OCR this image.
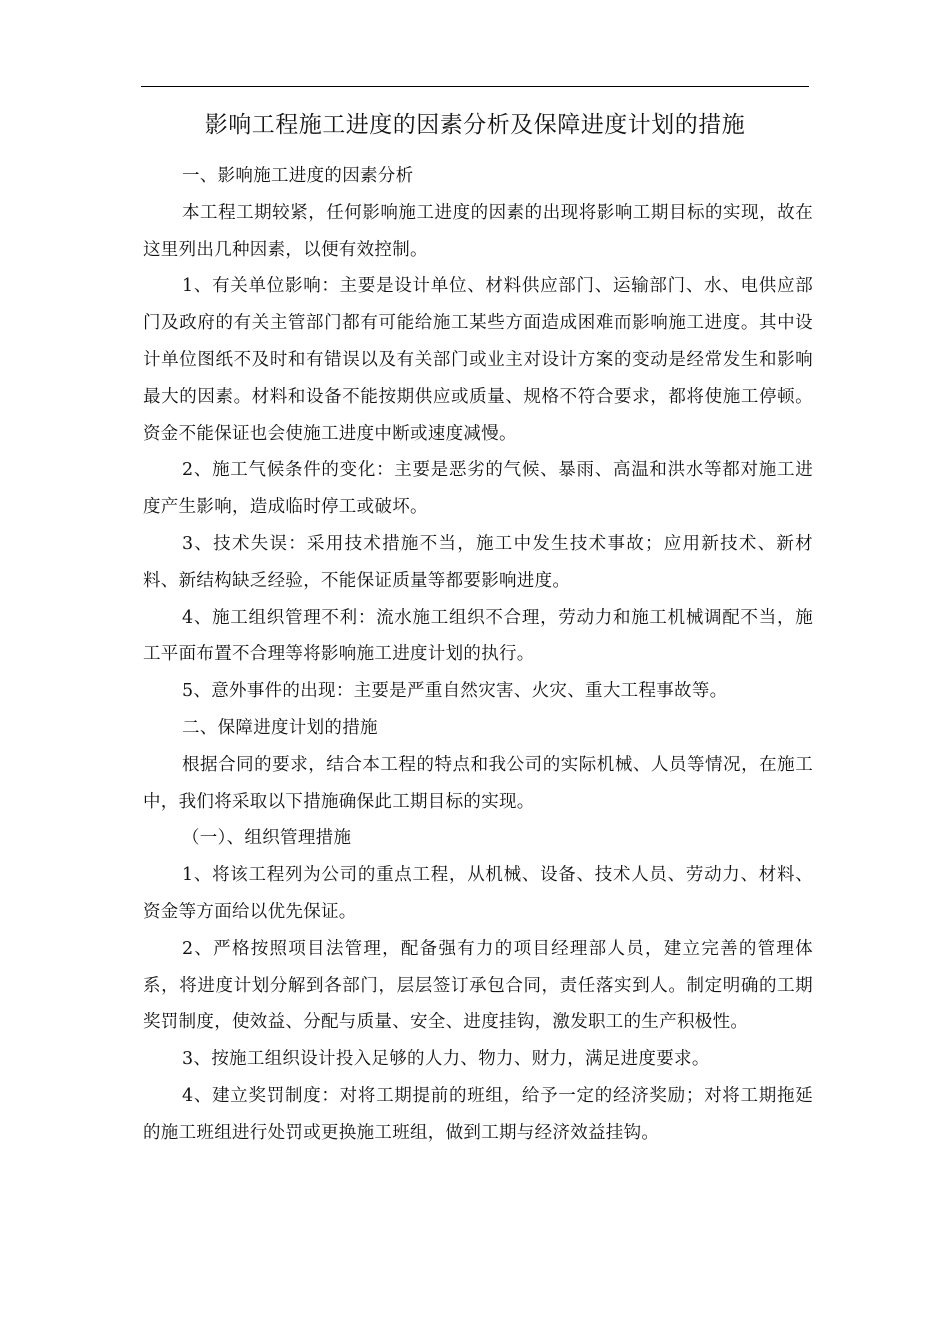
影响工程施工进度的因素分析及保障进度计划的措施

一、影响施工进度的因素分析

本工程工期较紧，任何影响施工进度的因素的出现将影响工期目标的实现，故在这里列出几种因素，以便有效控制。

1、有关单位影响：主要是设计单位、材料供应部门、运输部门、水、电供应部门及政府的有关主管部门都有可能给施工某些方面造成困难而影响施工进度。其中设计单位图纸不及时和有错误以及有关部门或业主对设计方案的变动是经常发生和影响最大的因素。材料和设备不能按期供应或质量、规格不符合要求，都将使施工停顿。资金不能保证也会使施工进度中断或速度减慢。

2、施工气候条件的变化：主要是恶劣的气候、暴雨、高温和洪水等都对施工进度产生影响，造成临时停工或破坏。

3、技术失误：采用技术措施不当，施工中发生技术事故；应用新技术、新材料、新结构缺乏经验，不能保证质量等都要影响进度。

4、施工组织管理不利：流水施工组织不合理，劳动力和施工机械调配不当，施工平面布置不合理等将影响施工进度计划的执行。

5、意外事件的出现：主要是严重自然灾害、火灾、重大工程事故等。

二、保障进度计划的措施

根据合同的要求，结合本工程的特点和我公司的实际机械、人员等情况，在施工中，我们将采取以下措施确保此工期目标的实现。

（一）、组织管理措施

1、将该工程列为公司的重点工程，从机械、设备、技术人员、劳动力、材料、资金等方面给以优先保证。

2、严格按照项目法管理，配备强有力的项目经理部人员，建立完善的管理体系，将进度计划分解到各部门，层层签订承包合同，责任落实到人。制定明确的工期奖罚制度，使效益、分配与质量、安全、进度挂钩，激发职工的生产积极性。

3、按施工组织设计投入足够的人力、物力、财力，满足进度要求。

4、建立奖罚制度：对将工期提前的班组，给予一定的经济奖励；对将工期拖延的施工班组进行处罚或更换施工班组，做到工期与经济效益挂钩。
